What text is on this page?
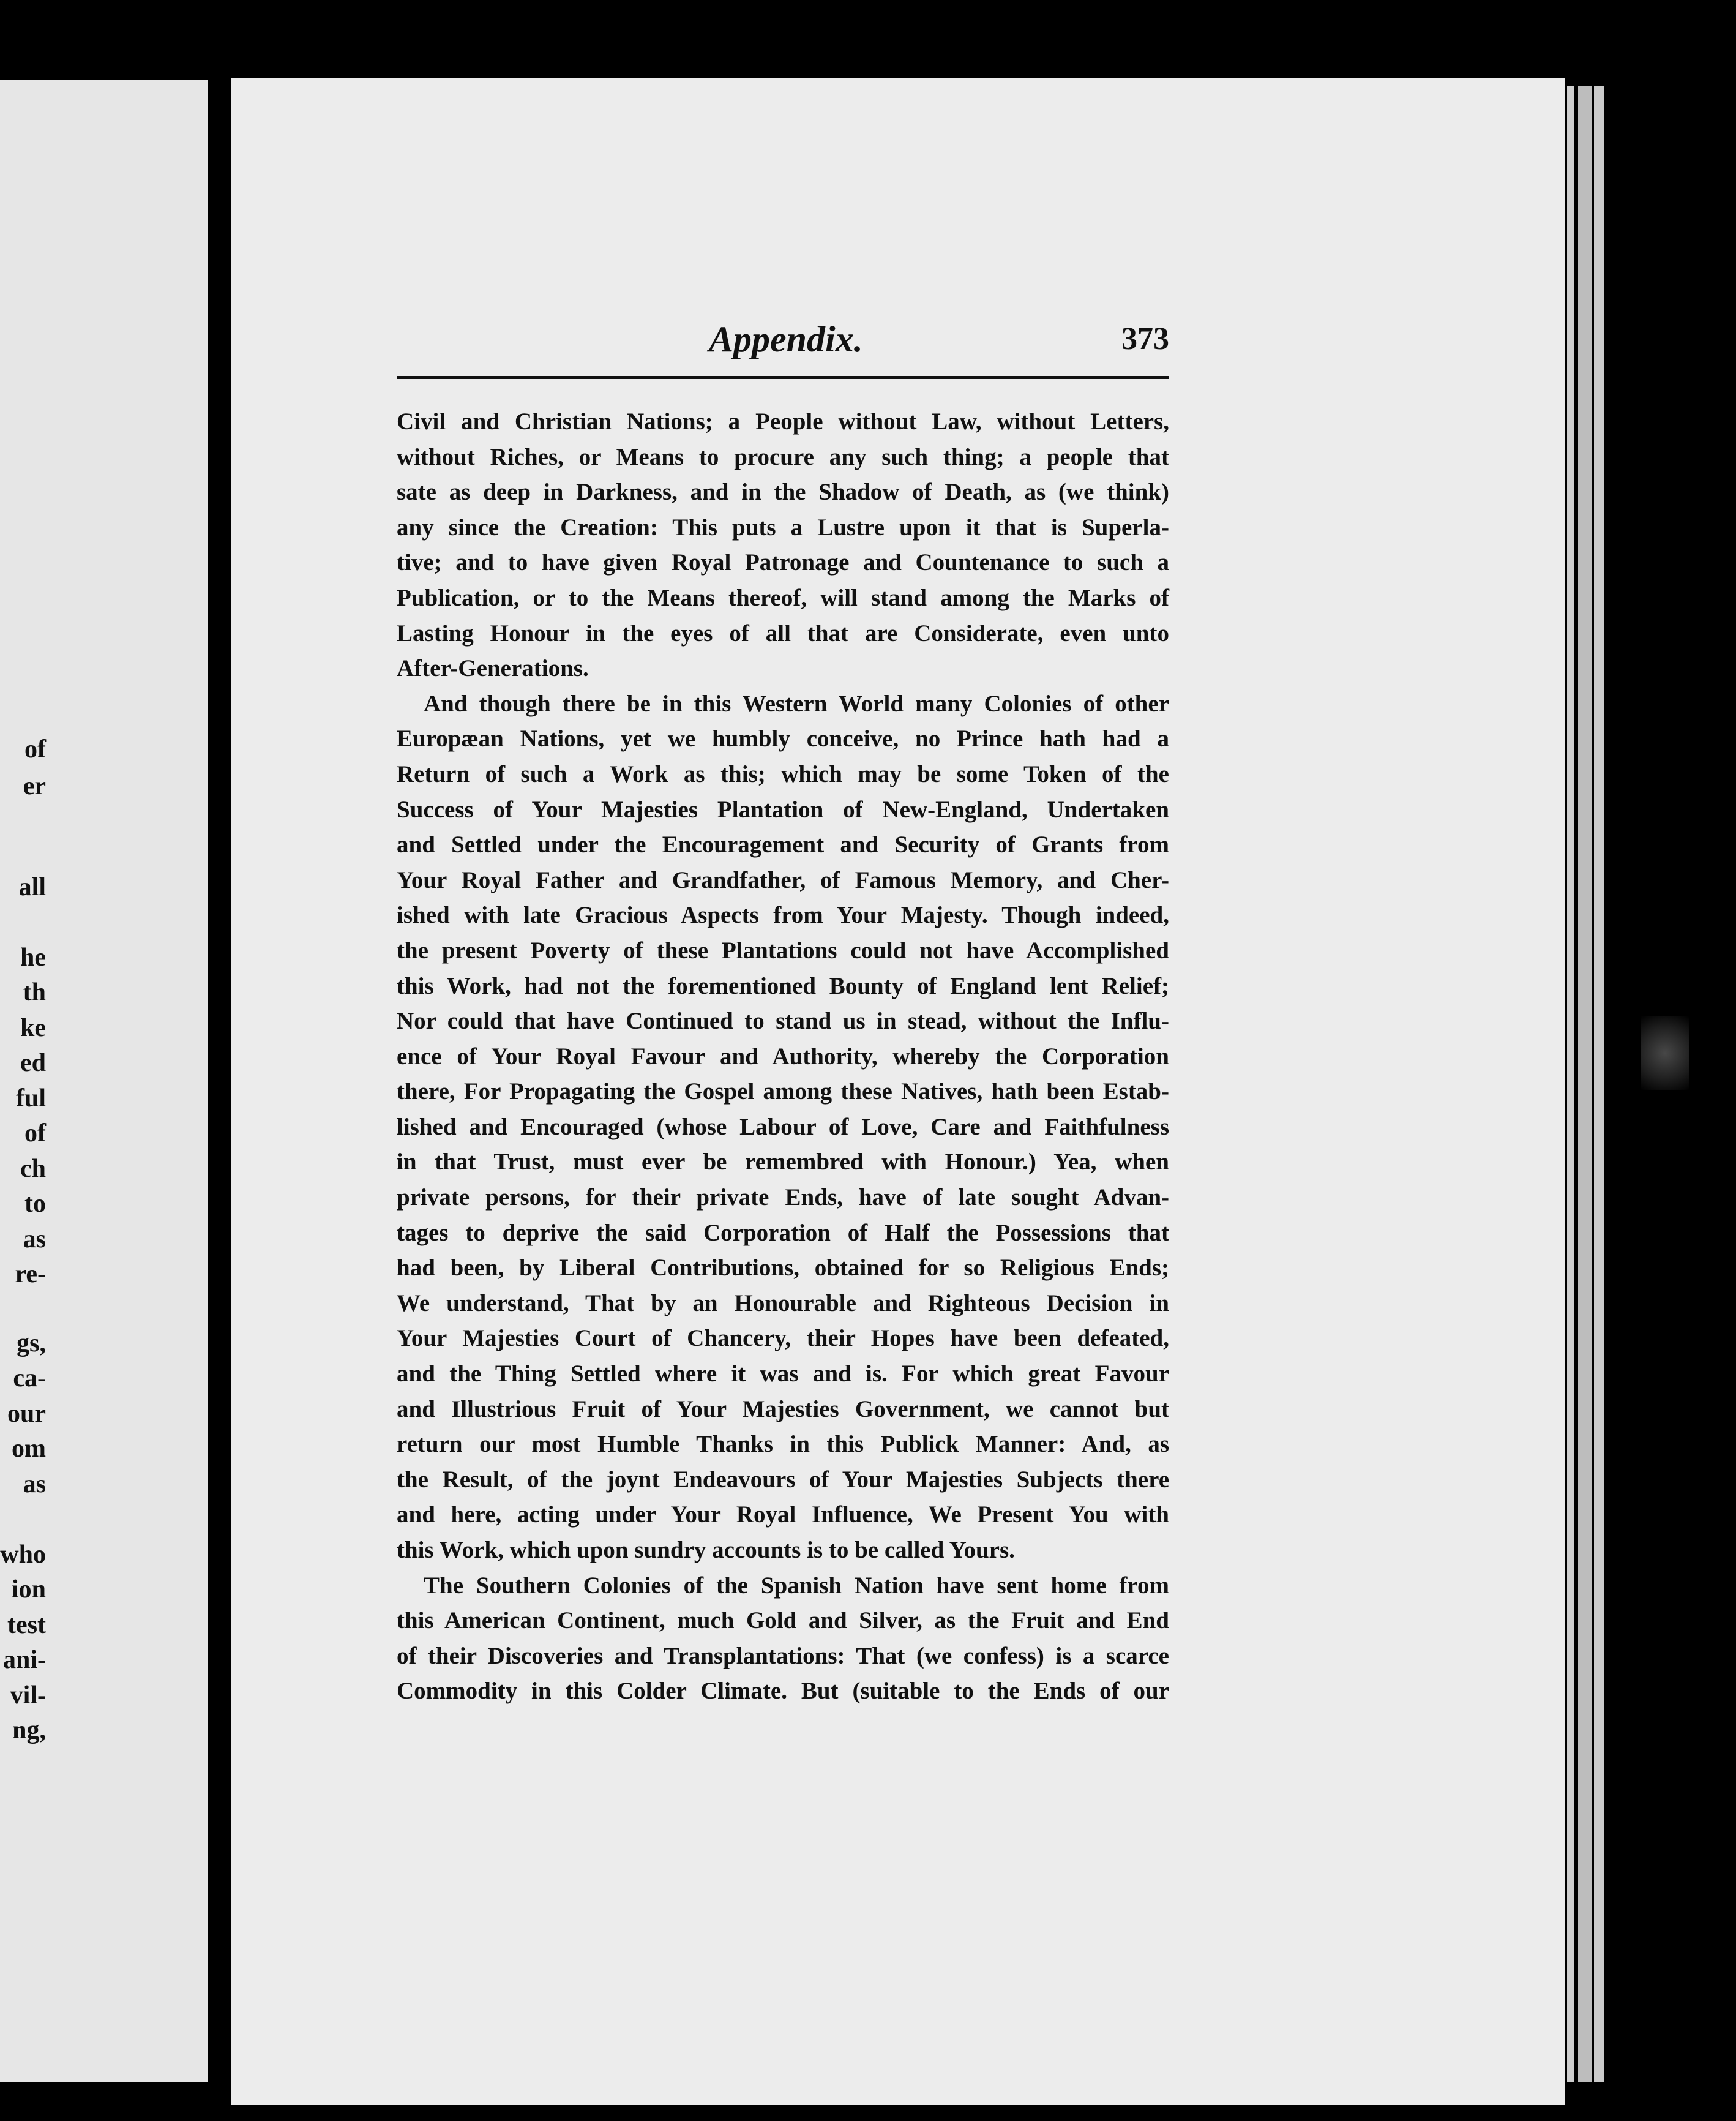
of
er
all
he
th
ke
ed
ful
of
ch
to
as
re-
gs,
ca-
our
om
as
who
ion
test
ani-
vil-
ng,
Appendix.	373
Civil and Christian Nations; a People without Law, without Letters,
without Riches, or Means to procure any such thing; a people that
sate as deep in Darkness, and in the Shadow of Death, as (we think)
any since the Creation: This puts a Lustre upon it that is Superla-
tive; and to have given Royal Patronage and Countenance to such a
Publication, or to the Means thereof, will stand among the Marks of
Lasting Honour in the eyes of all that are Considerate, even unto
After-Generations.
And though there be in this Western World many Colonies of other
Europæan Nations, yet we humbly conceive, no Prince hath had a
Return of such a Work as this; which may be some Token of the
Success of Your Majesties Plantation of New-England, Undertaken
and Settled under the Encouragement and Security of Grants from
Your Royal Father and Grandfather, of Famous Memory, and Cher-
ished with late Gracious Aspects from Your Majesty. Though indeed,
the present Poverty of these Plantations could not have Accomplished
this Work, had not the forementioned Bounty of England lent Relief;
Nor could that have Continued to stand us in stead, without the Influ-
ence of Your Royal Favour and Authority, whereby the Corporation
there, For Propagating the Gospel among these Natives, hath been Estab-
lished and Encouraged (whose Labour of Love, Care and Faithfulness
in that Trust, must ever be remembred with Honour.) Yea, when
private persons, for their private Ends, have of late sought Advan-
tages to deprive the said Corporation of Half the Possessions that
had been, by Liberal Contributions, obtained for so Religious Ends;
We understand, That by an Honourable and Righteous Decision in
Your Majesties Court of Chancery, their Hopes have been defeated,
and the Thing Settled where it was and is. For which great Favour
and Illustrious Fruit of Your Majesties Government, we cannot but
return our most Humble Thanks in this Publick Manner: And, as
the Result, of the joynt Endeavours of Your Majesties Subjects there
and here, acting under Your Royal Influence, We Present You with
this Work, which upon sundry accounts is to be called Yours.
The Southern Colonies of the Spanish Nation have sent home from
this American Continent, much Gold and Silver, as the Fruit and End
of their Discoveries and Transplantations: That (we confess) is a scarce
Commodity in this Colder Climate. But (suitable to the Ends of our
